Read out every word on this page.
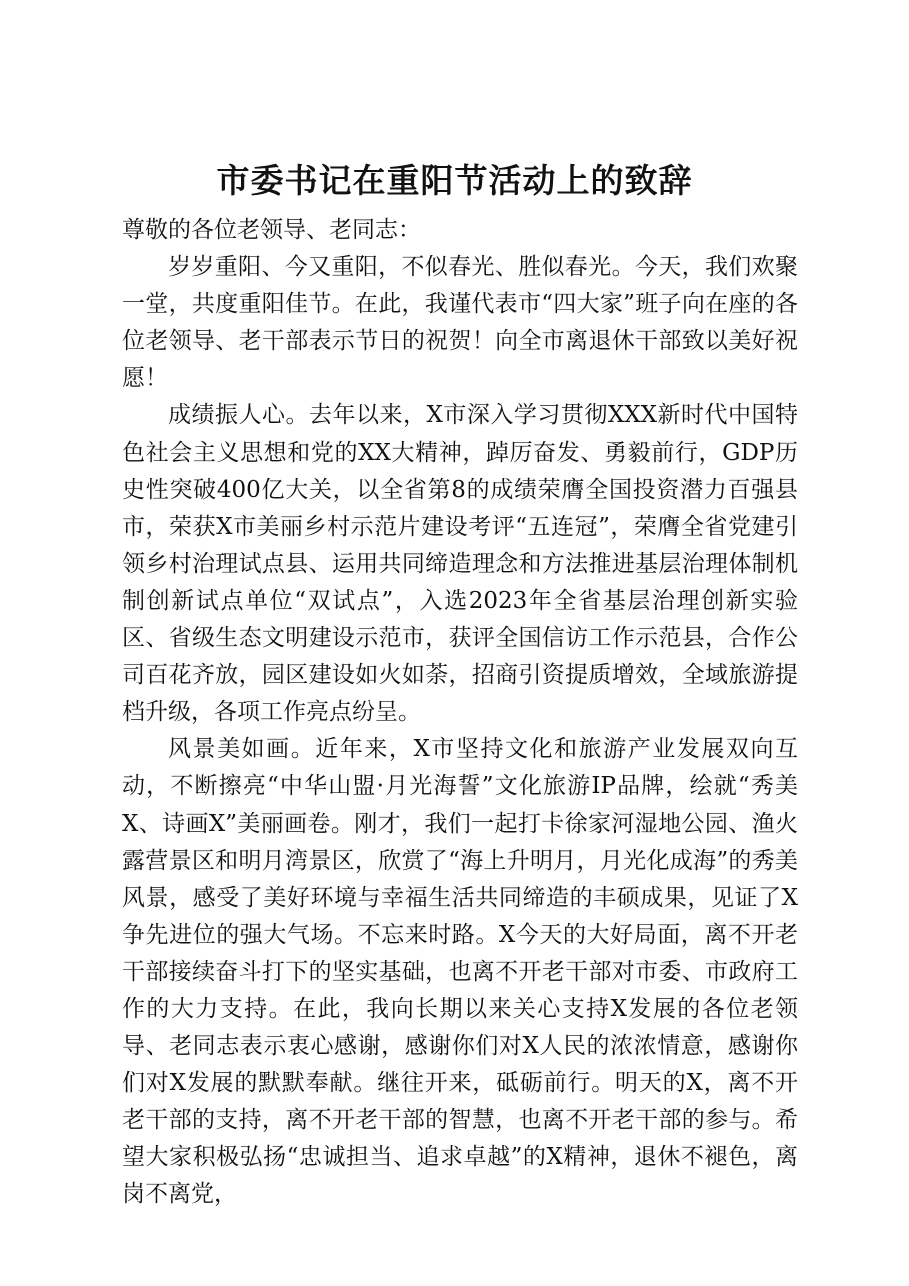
市委书记在重阳节活动上的致辞

尊敬的各位老领导、老同志：

岁岁重阳、今又重阳，不似春光、胜似春光。今天，我们欢聚一堂，共度重阳佳节。在此，我谨代表市“四大家”班子向在座的各位老领导、老干部表示节日的祝贺！向全市离退休干部致以美好祝愿！

成绩振人心。去年以来，X市深入学习贯彻XXX新时代中国特色社会主义思想和党的XX大精神，踔厉奋发、勇毅前行，GDP历史性突破400亿大关，以全省第8的成绩荣膺全国投资潜力百强县市，荣获X市美丽乡村示范片建设考评“五连冠”，荣膺全省党建引领乡村治理试点县、运用共同缔造理念和方法推进基层治理体制机制创新试点单位“双试点”，入选2023年全省基层治理创新实验区、省级生态文明建设示范市，获评全国信访工作示范县，合作公司百花齐放，园区建设如火如荼，招商引资提质增效，全域旅游提档升级，各项工作亮点纷呈。

风景美如画。近年来，X市坚持文化和旅游产业发展双向互动，不断擦亮“中华山盟·月光海誓”文化旅游IP品牌，绘就“秀美X、诗画X”美丽画卷。刚才，我们一起打卡徐家河湿地公园、渔火露营景区和明月湾景区，欣赏了“海上升明月，月光化成海”的秀美风景，感受了美好环境与幸福生活共同缔造的丰硕成果，见证了X争先进位的强大气场。不忘来时路。X今天的大好局面，离不开老干部接续奋斗打下的坚实基础，也离不开老干部对市委、市政府工作的大力支持。在此，我向长期以来关心支持X发展的各位老领导、老同志表示衷心感谢，感谢你们对X人民的浓浓情意，感谢你们对X发展的默默奉献。继往开来，砥砺前行。明天的X，离不开老干部的支持，离不开老干部的智慧，也离不开老干部的参与。希望大家积极弘扬“忠诚担当、追求卓越”的X精神，退休不褪色，离岗不离党，
